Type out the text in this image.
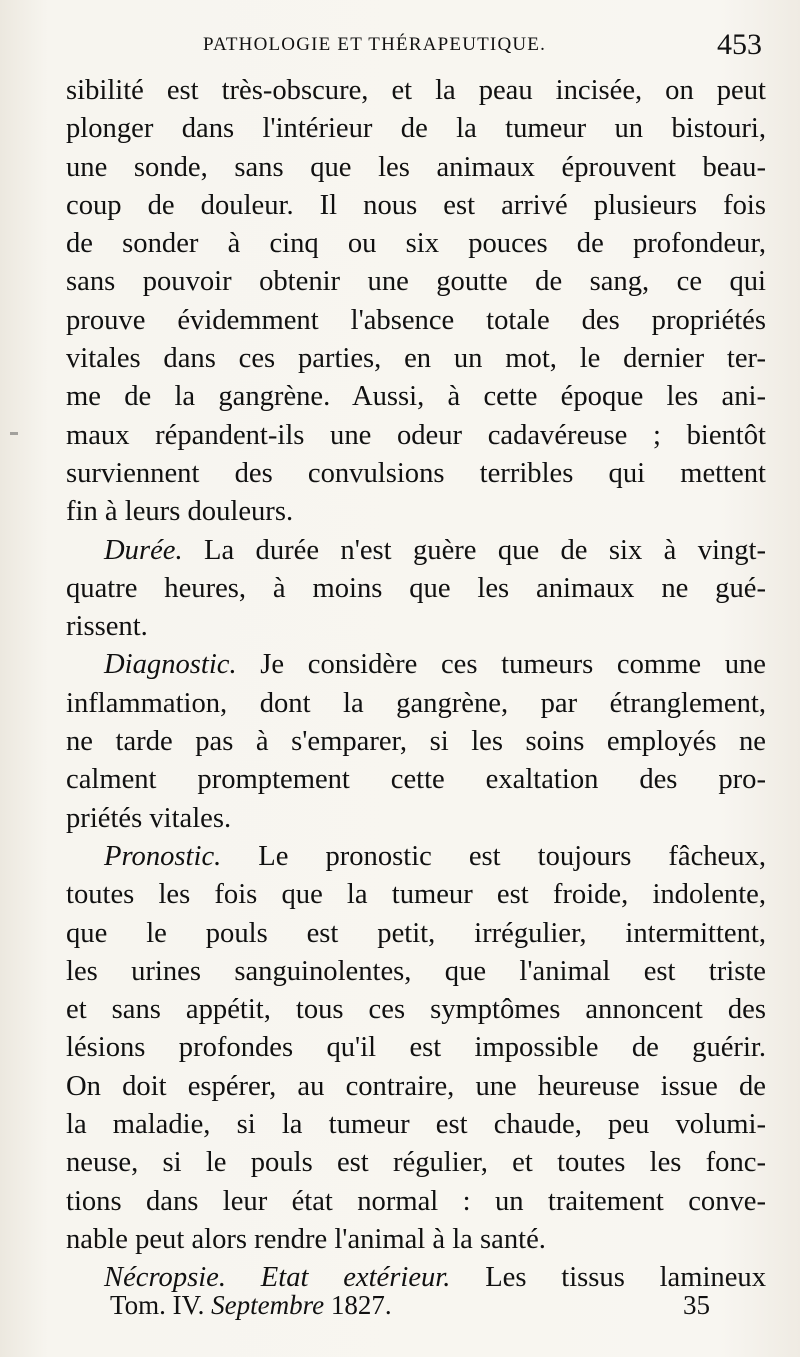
PATHOLOGIE ET THÉRAPEUTIQUE.	453
sibilité est très-obscure, et la peau incisée, on peut
plonger dans l'intérieur de la tumeur un bistouri,
une sonde, sans que les animaux éprouvent beau-
coup de douleur. Il nous est arrivé plusieurs fois
de sonder à cinq ou six pouces de profondeur,
sans pouvoir obtenir une goutte de sang, ce qui
prouve évidemment l'absence totale des propriétés
vitales dans ces parties, en un mot, le dernier ter-
me de la gangrène. Aussi, à cette époque les ani-
maux répandent-ils une odeur cadavéreuse ; bientôt
surviennent des convulsions terribles qui mettent
fin à leurs douleurs.
Durée. La durée n'est guère que de six à vingt-
quatre heures, à moins que les animaux ne gué-
rissent.
Diagnostic. Je considère ces tumeurs comme une
inflammation, dont la gangrène, par étranglement,
ne tarde pas à s'emparer, si les soins employés ne
calment promptement cette exaltation des pro-
priétés vitales.
Pronostic. Le pronostic est toujours fâcheux,
toutes les fois que la tumeur est froide, indolente,
que le pouls est petit, irrégulier, intermittent,
les urines sanguinolentes, que l'animal est triste
et sans appétit, tous ces symptômes annoncent des
lésions profondes qu'il est impossible de guérir.
On doit espérer, au contraire, une heureuse issue de
la maladie, si la tumeur est chaude, peu volumi-
neuse, si le pouls est régulier, et toutes les fonc-
tions dans leur état normal : un traitement conve-
nable peut alors rendre l'animal à la santé.
Nécropsie. Etat extérieur. Les tissus lamineux
Tom. IV. Septembre 1827.	35
